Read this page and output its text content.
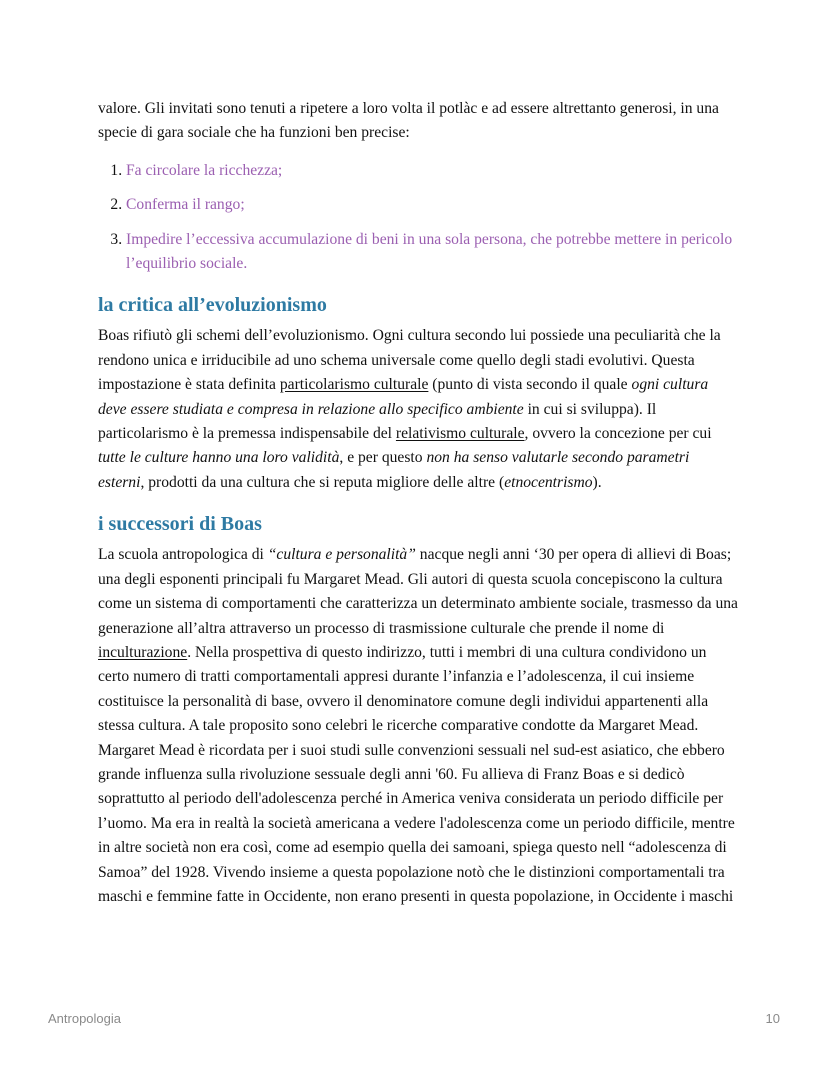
valore. Gli invitati sono tenuti a ripetere a loro volta il potlàc e ad essere altrettanto generosi, in una specie di gara sociale che ha funzioni ben precise:

1. Fa circolare la ricchezza;
2. Conferma il rango;
3. Impedire l’eccessiva accumulazione di beni in una sola persona, che potrebbe mettere in pericolo l’equilibrio sociale.
la critica all’evoluzionismo

Boas rifiutò gli schemi dell’evoluzionismo. Ogni cultura secondo lui possiede una peculiarità che la rendono unica e irriducibile ad uno schema universale come quello degli stadi evolutivi. Questa impostazione è stata definita particolarismo culturale (punto di vista secondo il quale ogni cultura deve essere studiata e compresa in relazione allo specifico ambiente in cui si sviluppa). Il particolarismo è la premessa indispensabile del relativismo culturale, ovvero la concezione per cui tutte le culture hanno una loro validità, e per questo non ha senso valutarle secondo parametri esterni, prodotti da una cultura che si reputa migliore delle altre (etnocentrismo).

i successori di Boas

La scuola antropologica di “cultura e personalità” nacque negli anni ‘30 per opera di allievi di Boas; una degli esponenti principali fu Margaret Mead. Gli autori di questa scuola concepiscono la cultura come un sistema di comportamenti che caratterizza un determinato ambiente sociale, trasmesso da una generazione all’altra attraverso un processo di trasmissione culturale che prende il nome di inculturazione. Nella prospettiva di questo indirizzo, tutti i membri di una cultura condividono un certo numero di tratti comportamentali appresi durante l’infanzia e l’adolescenza, il cui insieme costituisce la personalità di base, ovvero il denominatore comune degli individui appartenenti alla stessa cultura. A tale proposito sono celebri le ricerche comparative condotte da Margaret Mead. Margaret Mead è ricordata per i suoi studi sulle convenzioni sessuali nel sud-est asiatico, che ebbero grande influenza sulla rivoluzione sessuale degli anni '60. Fu allieva di Franz Boas e si dedicò soprattutto al periodo dell'adolescenza perché in America veniva considerata un periodo difficile per l’uomo. Ma era in realtà la società americana a vedere l'adolescenza come un periodo difficile, mentre in altre società non era così, come ad esempio quella dei samoani, spiega questo nell “adolescenza di Samoa” del 1928. Vivendo insieme a questa popolazione notò che le distinzioni comportamentali tra maschi e femmine fatte in Occidente, non erano presenti in questa popolazione, in Occidente i maschi

Antropologia	10
